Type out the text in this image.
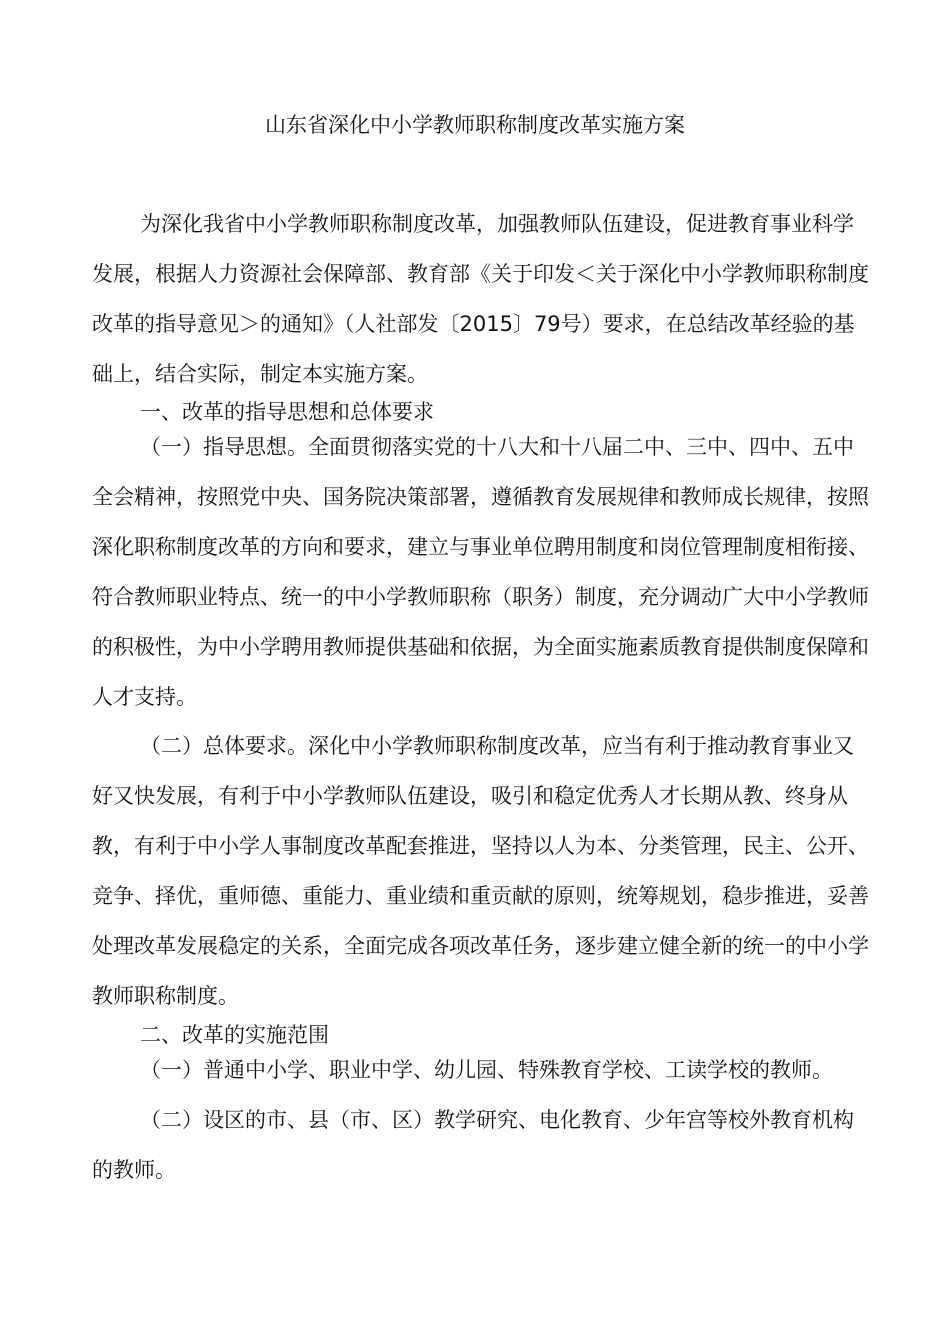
山东省深化中小学教师职称制度改革实施方案

为深化我省中小学教师职称制度改革，加强教师队伍建设，促进教育事业科学发展，根据人力资源社会保障部、教育部《关于印发＜关于深化中小学教师职称制度改革的指导意见＞的通知》（人社部发〔2015〕79号）要求，在总结改革经验的基础上，结合实际，制定本实施方案。

一、改革的指导思想和总体要求

（一）指导思想。全面贯彻落实党的十八大和十八届二中、三中、四中、五中全会精神，按照党中央、国务院决策部署，遵循教育发展规律和教师成长规律，按照深化职称制度改革的方向和要求，建立与事业单位聘用制度和岗位管理制度相衔接、符合教师职业特点、统一的中小学教师职称（职务）制度，充分调动广大中小学教师的积极性，为中小学聘用教师提供基础和依据，为全面实施素质教育提供制度保障和人才支持。

（二）总体要求。深化中小学教师职称制度改革，应当有利于推动教育事业又好又快发展，有利于中小学教师队伍建设，吸引和稳定优秀人才长期从教、终身从教，有利于中小学人事制度改革配套推进，坚持以人为本、分类管理，民主、公开、竞争、择优，重师德、重能力、重业绩和重贡献的原则，统筹规划，稳步推进，妥善处理改革发展稳定的关系，全面完成各项改革任务，逐步建立健全新的统一的中小学教师职称制度。

二、改革的实施范围

（一）普通中小学、职业中学、幼儿园、特殊教育学校、工读学校的教师。

（二）设区的市、县（市、区）教学研究、电化教育、少年宫等校外教育机构的教师。
